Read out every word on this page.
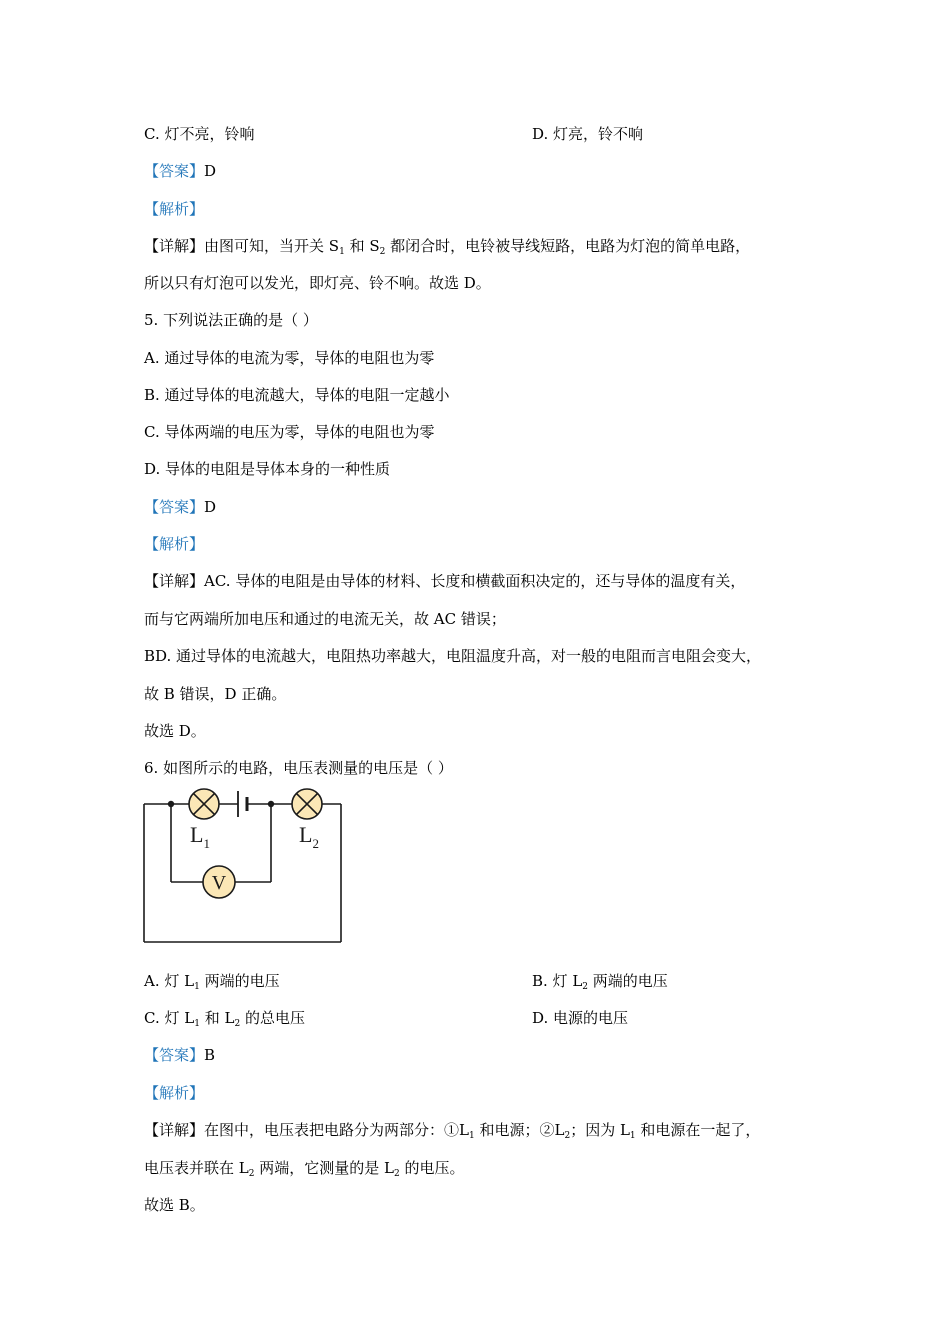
C. 灯不亮，铃响	D. 灯亮，铃不响
【答案】D
【解析】
【详解】由图可知，当开关 $S_1$ 和 $S_2$ 都闭合时，电铃被导线短路，电路为灯泡的简单电路，
所以只有灯泡可以发光，即灯亮、铃不响。故选 D。
5. 下列说法正确的是（ ）
A. 通过导体的电流为零，导体的电阻也为零
B. 通过导体的电流越大，导体的电阻一定越小
C. 导体两端的电压为零，导体的电阻也为零
D. 导体的电阻是导体本身的一种性质
【答案】D
【解析】
【详解】AC. 导体的电阻是由导体的材料、长度和横截面积决定的，还与导体的温度有关，
而与它两端所加电压和通过的电流无关，故 AC 错误；
BD. 通过导体的电流越大，电阻热功率越大，电阻温度升高，对一般的电阻而言电阻会变大，
故 B 错误，D 正确。
故选 D。
6. 如图所示的电路，电压表测量的电压是（ ）
V
$L_1$	$L_2$
A. 灯 $L_1$ 两端的电压	B. 灯 $L_2$ 两端的电压
C. 灯 $L_1$ 和 $L_2$ 的总电压	D. 电源的电压
【答案】B
【解析】
【详解】在图中，电压表把电路分为两部分：$①L_1$ 和电源；$②L_2$；因为 $L_1$ 和电源在一起了，
电压表并联在 $L_2$ 两端，它测量的是 $L_2$ 的电压。
故选 B。
